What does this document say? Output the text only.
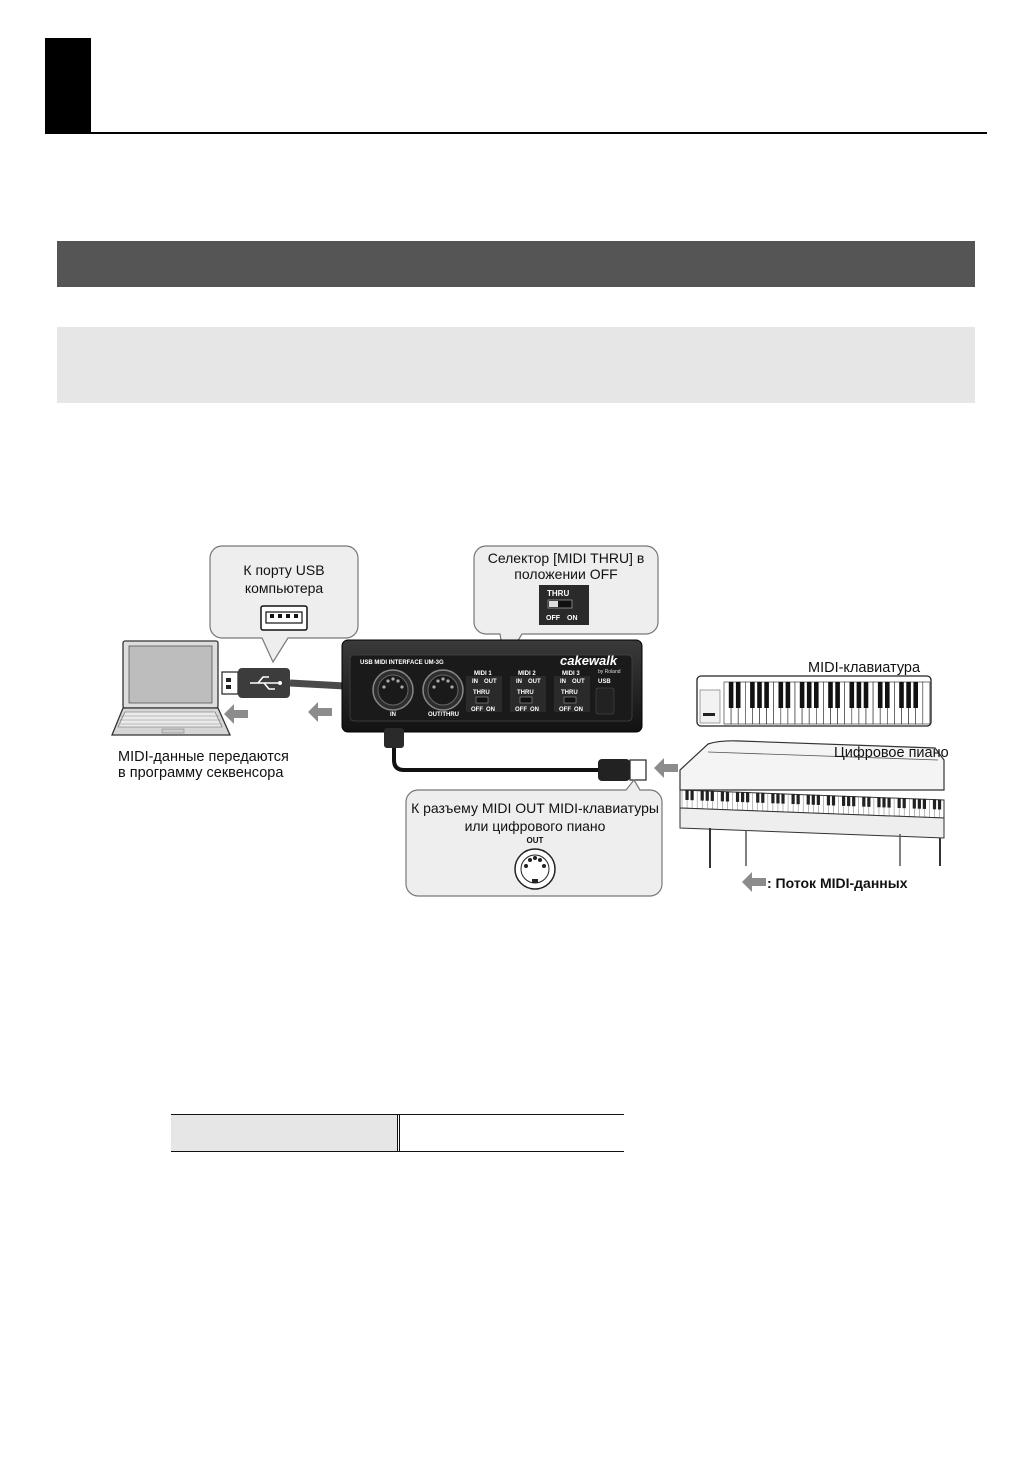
К порту USB
компьютера
Селектор [MIDI THRU] в
положении OFF
THRU
OFF ON
USB MIDI INTERFACE UM-3G	cakewalk
by Roland
IN	OUT/THRU
MIDI 1
IN OUT
THRU
OFF ON
MIDI 2
IN OUT
THRU
OFF ON
MIDI 3
IN OUT
THRU
OFF ON
USB
К разъему MIDI OUT MIDI-клавиатуры
или цифрового пиано
OUT
MIDI-данные передаются
в программу секвенсора
MIDI-клавиатура
Цифровое пиано
: Поток MIDI-данных
